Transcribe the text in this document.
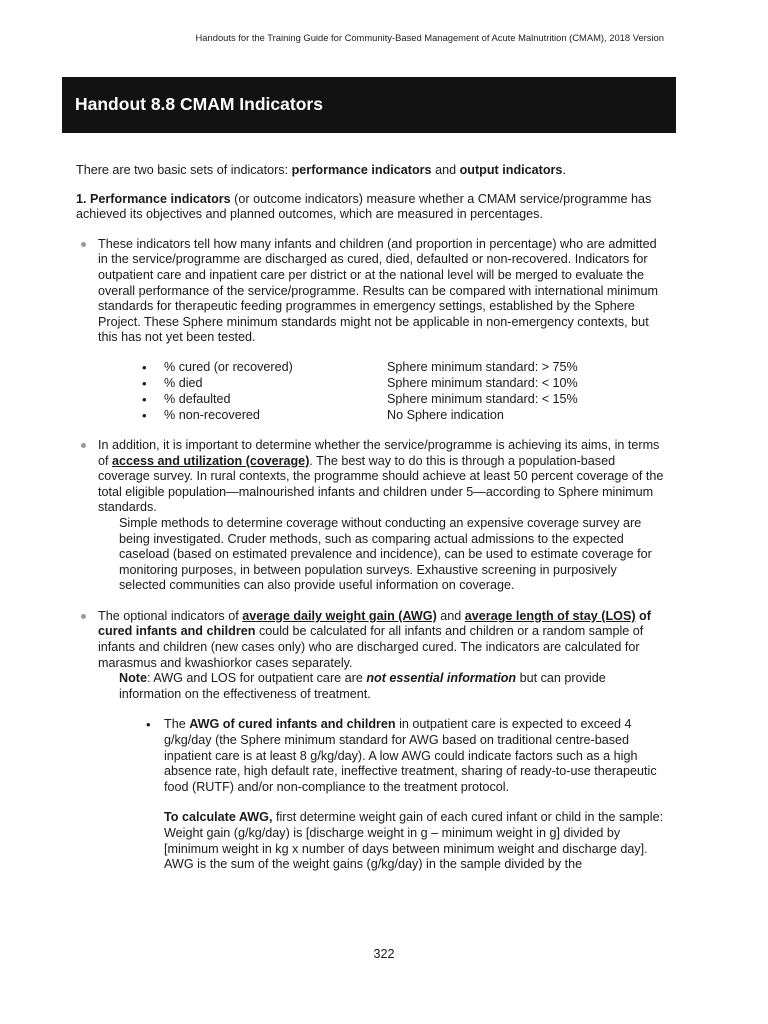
Handouts for the Training Guide for Community-Based Management of Acute Malnutrition (CMAM), 2018 Version
Handout 8.8 CMAM Indicators

There are two basic sets of indicators: performance indicators and output indicators.

1. Performance indicators (or outcome indicators) measure whether a CMAM service/programme has achieved its objectives and planned outcomes, which are measured in percentages.

These indicators tell how many infants and children (and proportion in percentage) who are admitted in the service/programme are discharged as cured, died, defaulted or non-recovered. Indicators for outpatient care and inpatient care per district or at the national level will be merged to evaluate the overall performance of the service/programme. Results can be compared with international minimum standards for therapeutic feeding programmes in emergency settings, established by the Sphere Project. These Sphere minimum standards might not be applicable in non-emergency contexts, but this has not yet been tested.

•	% cured (or recovered)	Sphere minimum standard: > 75%
•	% died	Sphere minimum standard: < 10%
•	% defaulted	Sphere minimum standard: < 15%
•	% non-recovered	No Sphere indication

In addition, it is important to determine whether the service/programme is achieving its aims, in terms of access and utilization (coverage). The best way to do this is through a population-based coverage survey. In rural contexts, the programme should achieve at least 50 percent coverage of the total eligible population—malnourished infants and children under 5—according to Sphere minimum standards.

Simple methods to determine coverage without conducting an expensive coverage survey are being investigated. Cruder methods, such as comparing actual admissions to the expected caseload (based on estimated prevalence and incidence), can be used to estimate coverage for monitoring purposes, in between population surveys. Exhaustive screening in purposively selected communities can also provide useful information on coverage.

The optional indicators of average daily weight gain (AWG) and average length of stay (LOS) of cured infants and children could be calculated for all infants and children or a random sample of infants and children (new cases only) who are discharged cured. The indicators are calculated for marasmus and kwashiorkor cases separately.

Note: AWG and LOS for outpatient care are not essential information but can provide information on the effectiveness of treatment.

• The AWG of cured infants and children in outpatient care is expected to exceed 4 g/kg/day (the Sphere minimum standard for AWG based on traditional centre-based inpatient care is at least 8 g/kg/day). A low AWG could indicate factors such as a high absence rate, high default rate, ineffective treatment, sharing of ready-to-use therapeutic food (RUTF) and/or non-compliance to the treatment protocol.

To calculate AWG, first determine weight gain of each cured infant or child in the sample: Weight gain (g/kg/day) is [discharge weight in g – minimum weight in g] divided by [minimum weight in kg x number of days between minimum weight and discharge day]. AWG is the sum of the weight gains (g/kg/day) in the sample divided by the

322
